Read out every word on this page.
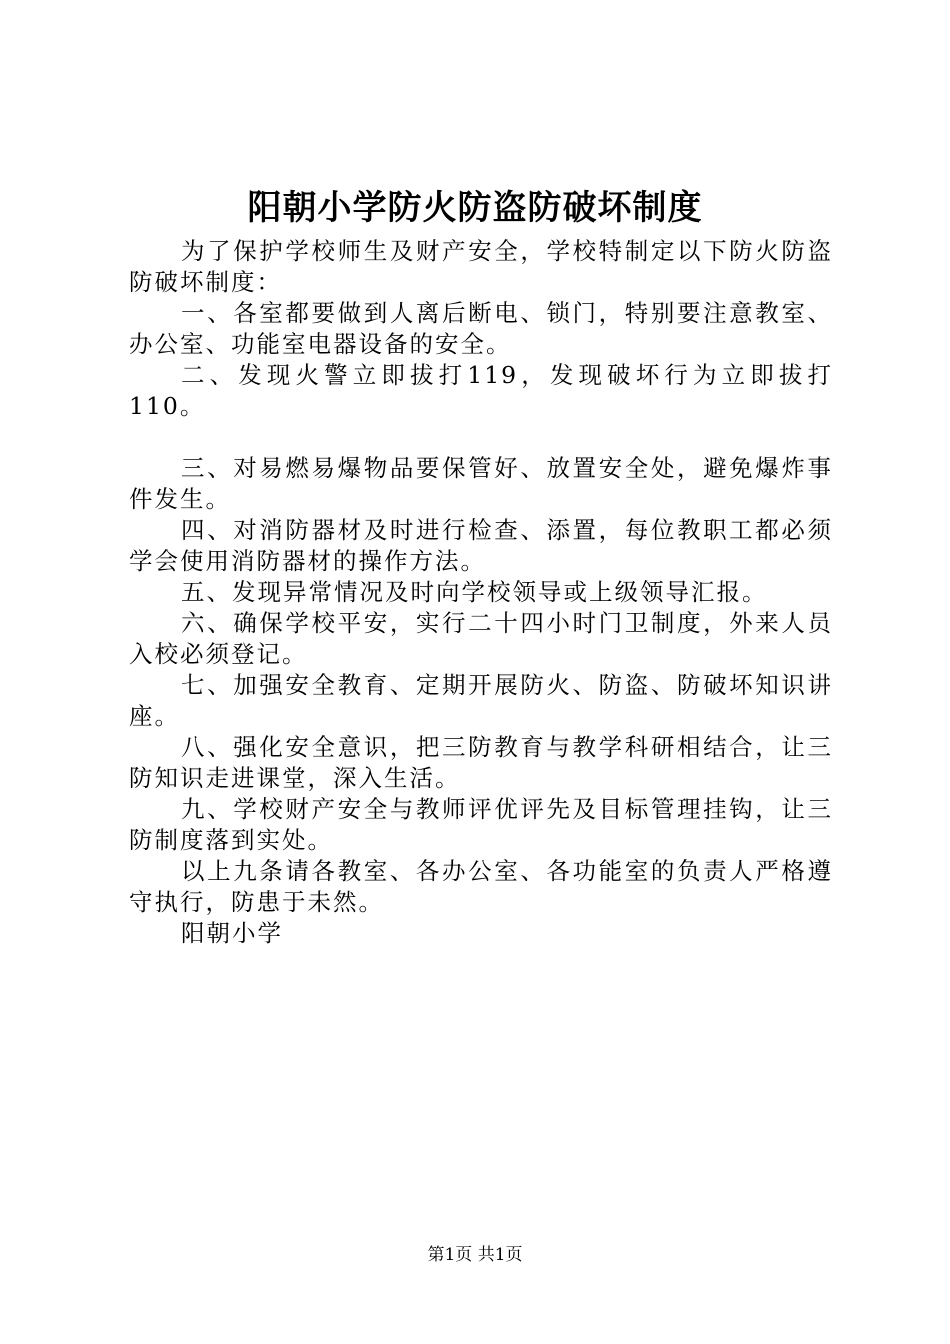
阳朝小学防火防盗防破坏制度

为了保护学校师生及财产安全，学校特制定以下防火防盗防破坏制度：

一、各室都要做到人离后断电、锁门，特别要注意教室、办公室、功能室电器设备的安全。

二、发现火警立即拔打119，发现破坏行为立即拔打110。

三、对易燃易爆物品要保管好、放置安全处，避免爆炸事件发生。

四、对消防器材及时进行检查、添置，每位教职工都必须学会使用消防器材的操作方法。

五、发现异常情况及时向学校领导或上级领导汇报。

六、确保学校平安，实行二十四小时门卫制度，外来人员入校必须登记。

七、加强安全教育、定期开展防火、防盗、防破坏知识讲座。

八、强化安全意识，把三防教育与教学科研相结合，让三防知识走进课堂，深入生活。

九、学校财产安全与教师评优评先及目标管理挂钩，让三防制度落到实处。

以上九条请各教室、各办公室、各功能室的负责人严格遵守执行，防患于未然。

阳朝小学

第1页 共1页
